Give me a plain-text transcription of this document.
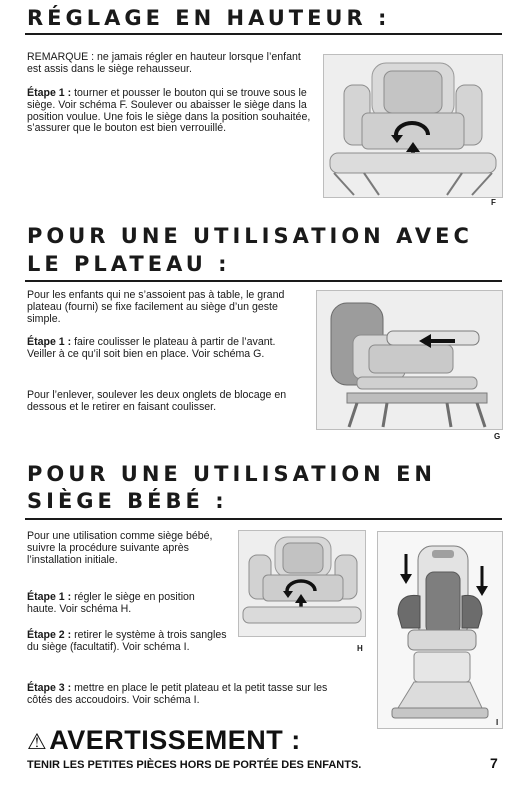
RÉGLAGE EN HAUTEUR :

REMARQUE : ne jamais régler en hauteur lorsque l’enfant est assis dans le siège rehausseur.

Étape 1 : tourner et pousser le bouton qui se trouve sous le siège. Voir schéma F. Soulever ou abaisser le siège dans la position voulue. Une fois le siège dans la position souhaitée, s’assurer que le bouton est bien verrouillé.

F
POUR UNE UTILISATION AVEC
LE PLATEAU :

Pour les enfants qui ne s’assoient pas à table, le grand plateau (fourni) se fixe facilement au siège d’un geste simple.

Étape 1 : faire coulisser le plateau à partir de l’avant. Veiller à ce qu’il soit bien en place. Voir schéma G.

Pour l’enlever, soulever les deux onglets de blocage en dessous et le retirer en faisant coulisser.

G
POUR UNE UTILISATION EN
SIÈGE BÉBÉ :

Pour une utilisation comme siège bébé, suivre la procédure suivante après l’installation initiale.

Étape 1 : régler le siège en position haute. Voir schéma H.

Étape 2 : retirer le système à trois sangles du siège (facultatif). Voir schéma I.

Étape 3 : mettre en place le petit plateau et la petit tasse sur les côtés des accoudoirs. Voir schéma I.

H
I
⚠AVERTISSEMENT :
TENIR LES PETITES PIÈCES HORS DE PORTÉE DES ENFANTS.	7
